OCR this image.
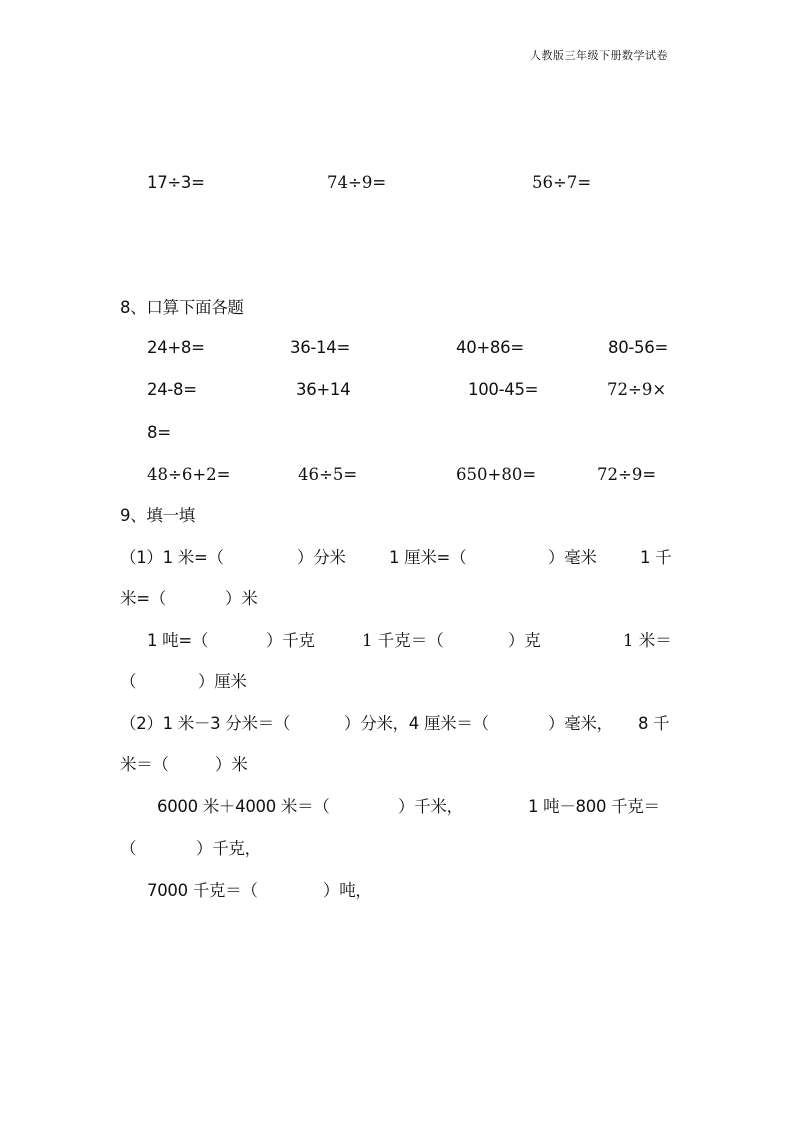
人教版三年级下册数学试卷
17÷3=	74÷9=	56÷7=
8、口算下面各题
24+8=	36-14=	40+86=	80-56=
24-8=	36+14	100-45=	72÷9×
8=
48÷6+2=	46÷5=	650+80=	72÷9=
9、填一填
（1）1 米=（	）分米	1 厘米=（	）毫米	1 千
米=（	）米
1 吨=（	）千克	1 千克＝（	）克	1 米＝
（	）厘米
（2）1 米－3 分米＝（	）分米，4 厘米＝（	）毫米， 8 千
米＝（	）米
6000 米＋4000 米＝（	）千米，	1 吨－800 千克＝
（	）千克，
7000 千克＝（	）吨，
